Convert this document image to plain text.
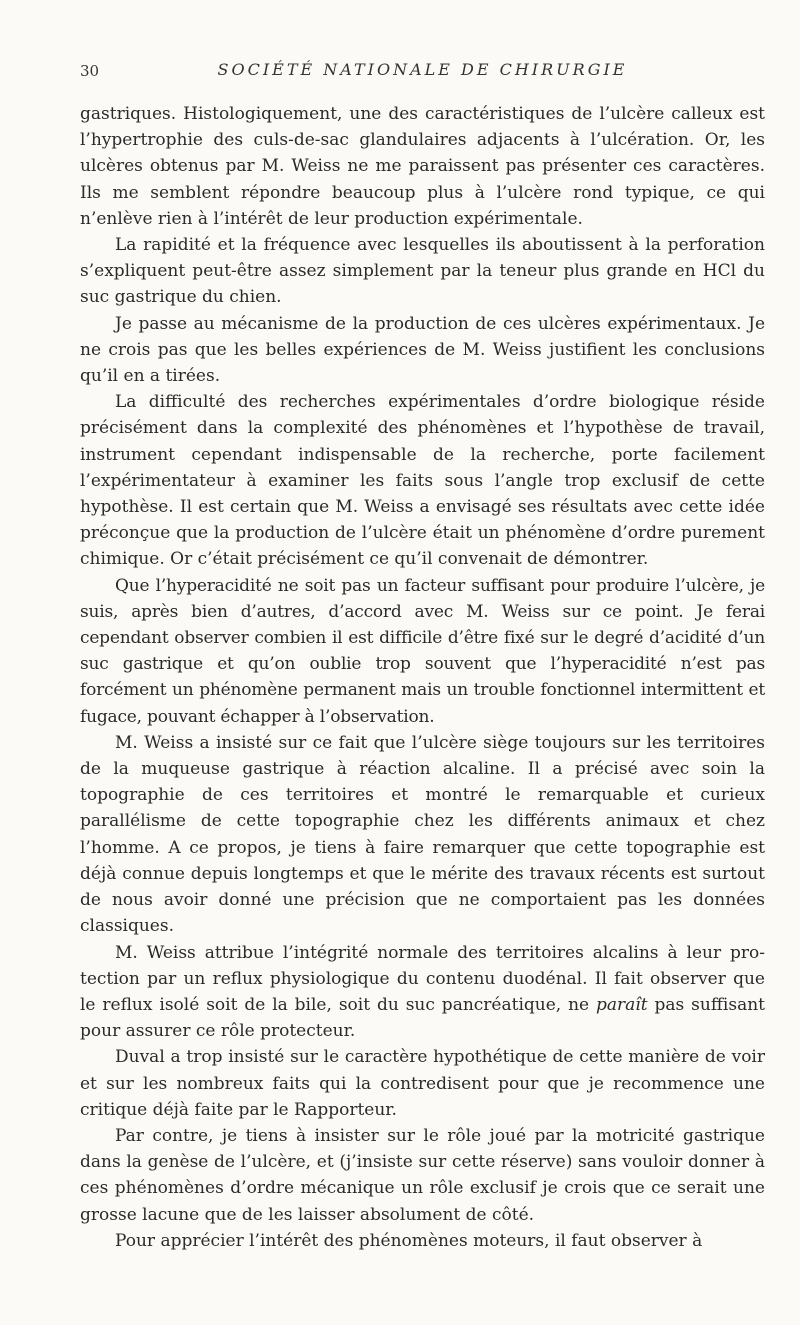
30	SOCIÉTÉ NATIONALE DE CHIRURGIE

gastriques. Histologiquement, une des caractéristiques de l’ulcère calleux est l’hypertrophie des culs-de-sac glandulaires adjacents à l’ulcération. Or, les ulcères obtenus par M. Weiss ne me paraissent pas présenter ces caractères. Ils me semblent répondre beaucoup plus à l’ulcère rond typique, ce qui n’enlève rien à l’intérêt de leur production expérimentale.

La rapidité et la fréquence avec lesquelles ils aboutissent à la perforation s’expliquent peut-être assez simplement par la teneur plus grande en HCl du suc gastrique du chien.

Je passe au mécanisme de la production de ces ulcères expérimentaux. Je ne crois pas que les belles expériences de M. Weiss justifient les conclusions qu’il en a tirées.

La difficulté des recherches expérimentales d’ordre biologique réside précisément dans la complexité des phénomènes et l’hypothèse de travail, instrument cependant indispensable de la recherche, porte facilement l’expérimentateur à examiner les faits sous l’angle trop exclusif de cette hypothèse. Il est certain que M. Weiss a envisagé ses résultats avec cette idée préconçue que la production de l’ulcère était un phénomène d’ordre purement chimique. Or c’était précisément ce qu’il convenait de démontrer.

Que l’hyperacidité ne soit pas un facteur suffisant pour produire l’ulcère, je suis, après bien d’autres, d’accord avec M. Weiss sur ce point. Je ferai cependant observer combien il est difficile d’être fixé sur le degré d’acidité d’un suc gastrique et qu’on oublie trop souvent que l’hyperacidité n’est pas forcément un phénomène permanent mais un trouble fonctionnel intermittent et fugace, pouvant échapper à l’observation.

M. Weiss a insisté sur ce fait que l’ulcère siège toujours sur les territoires de la muqueuse gastrique à réaction alcaline. Il a précisé avec soin la topographie de ces territoires et montré le remarquable et curieux parallélisme de cette topographie chez les différents animaux et chez l’homme. A ce propos, je tiens à faire remarquer que cette topographie est déjà connue depuis longtemps et que le mérite des travaux récents est surtout de nous avoir donné une précision que ne comportaient pas les données classiques.

M. Weiss attribue l’intégrité normale des territoires alcalins à leur protection par un reflux physiologique du contenu duodénal. Il fait observer que le reflux isolé soit de la bile, soit du suc pancréatique, ne paraît pas suffisant pour assurer ce rôle protecteur.

Duval a trop insisté sur le caractère hypothétique de cette manière de voir et sur les nombreux faits qui la contredisent pour que je recommence une critique déjà faite par le Rapporteur.

Par contre, je tiens à insister sur le rôle joué par la motricité gastrique dans la genèse de l’ulcère, et (j’insiste sur cette réserve) sans vouloir donner à ces phénomènes d’ordre mécanique un rôle exclusif je crois que ce serait une grosse lacune que de les laisser absolument de côté.

Pour apprécier l’intérêt des phénomènes moteurs, il faut observer à
